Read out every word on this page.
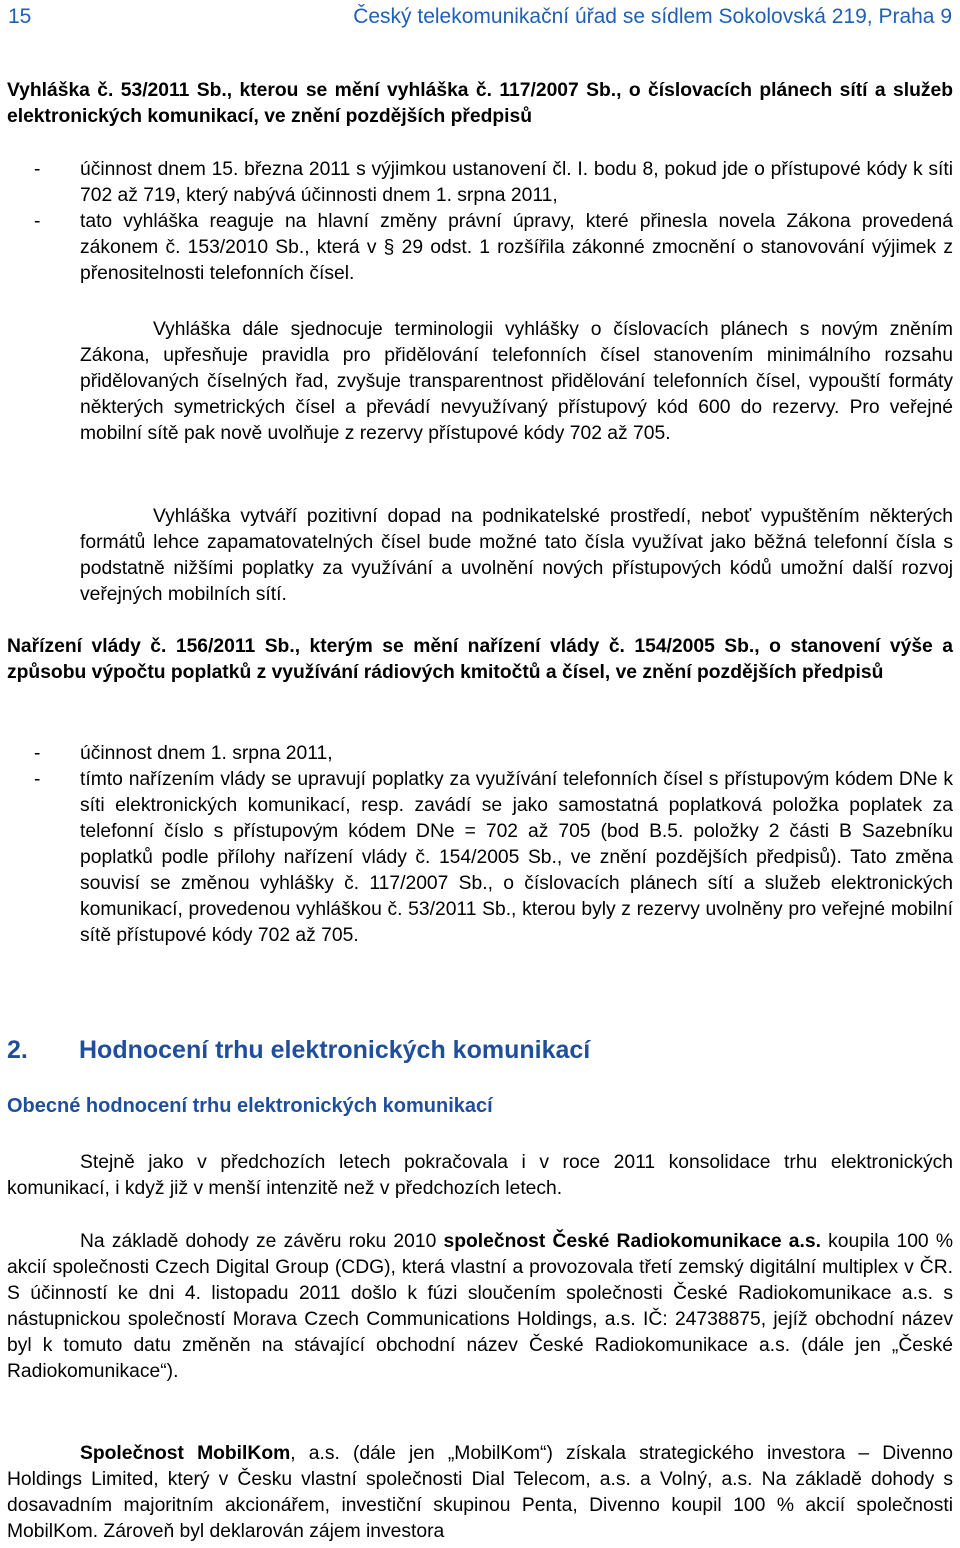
15	Český telekomunikační úřad se sídlem Sokolovská 219, Praha 9

Vyhláška č. 53/2011 Sb., kterou se mění vyhláška č. 117/2007 Sb., o číslovacích plánech sítí a služeb elektronických komunikací, ve znění pozdějších předpisů

- účinnost dnem 15. března 2011 s výjimkou ustanovení čl. I. bodu 8, pokud jde o přístupové kódy k síti 702 až 719, který nabývá účinnosti dnem 1. srpna 2011,
- tato vyhláška reaguje na hlavní změny právní úpravy, které přinesla novela Zákona provedená zákonem č. 153/2010 Sb., která v § 29 odst. 1 rozšířila zákonné zmocnění o stanovování výjimek z přenositelnosti telefonních čísel.

Vyhláška dále sjednocuje terminologii vyhlášky o číslovacích plánech s novým zněním Zákona, upřesňuje pravidla pro přidělování telefonních čísel stanovením minimálního rozsahu přidělovaných číselných řad, zvyšuje transparentnost přidělování telefonních čísel, vypouští formáty některých symetrických čísel a převádí nevyužívaný přístupový kód 600 do rezervy. Pro veřejné mobilní sítě pak nově uvolňuje z rezervy přístupové kódy 702 až 705.

Vyhláška vytváří pozitivní dopad na podnikatelské prostředí, neboť vypuštěním některých formátů lehce zapamatovatelných čísel bude možné tato čísla využívat jako běžná telefonní čísla s podstatně nižšími poplatky za využívání a uvolnění nových přístupových kódů umožní další rozvoj veřejných mobilních sítí.

Nařízení vlády č. 156/2011 Sb., kterým se mění nařízení vlády č. 154/2005 Sb., o stanovení výše a způsobu výpočtu poplatků z využívání rádiových kmitočtů a čísel, ve znění pozdějších předpisů

- účinnost dnem 1. srpna 2011,
- tímto nařízením vlády se upravují poplatky za využívání telefonních čísel s přístupovým kódem DNe k síti elektronických komunikací, resp. zavádí se jako samostatná poplatková položka poplatek za telefonní číslo s přístupovým kódem DNe = 702 až 705 (bod B.5. položky 2 části B Sazebníku poplatků podle přílohy nařízení vlády č. 154/2005 Sb., ve znění pozdějších předpisů). Tato změna souvisí se změnou vyhlášky č. 117/2007 Sb., o číslovacích plánech sítí a služeb elektronických komunikací, provedenou vyhláškou č. 53/2011 Sb., kterou byly z rezervy uvolněny pro veřejné mobilní sítě přístupové kódy 702 až 705.
2. Hodnocení trhu elektronických komunikací
Obecné hodnocení trhu elektronických komunikací

Stejně jako v předchozích letech pokračovala i v roce 2011 konsolidace trhu elektronických komunikací, i když již v menší intenzitě než v předchozích letech.

Na základě dohody ze závěru roku 2010 společnost České Radiokomunikace a.s. koupila 100 % akcií společnosti Czech Digital Group (CDG), která vlastní a provozovala třetí zemský digitální multiplex v ČR. S účinností ke dni 4. listopadu 2011 došlo k fúzi sloučením společnosti České Radiokomunikace a.s. s nástupnickou společností Morava Czech Communications Holdings, a.s. IČ: 24738875, jejíž obchodní název byl k tomuto datu změněn na stávající obchodní název České Radiokomunikace a.s. (dále jen „České Radiokomunikace“).

Společnost MobilKom, a.s. (dále jen „MobilKom“) získala strategického investora – Divenno Holdings Limited, který v Česku vlastní společnosti Dial Telecom, a.s. a Volný, a.s. Na základě dohody s dosavadním majoritním akcionářem, investiční skupinou Penta, Divenno koupil 100 % akcií společnosti MobilKom. Zároveň byl deklarován zájem investora
